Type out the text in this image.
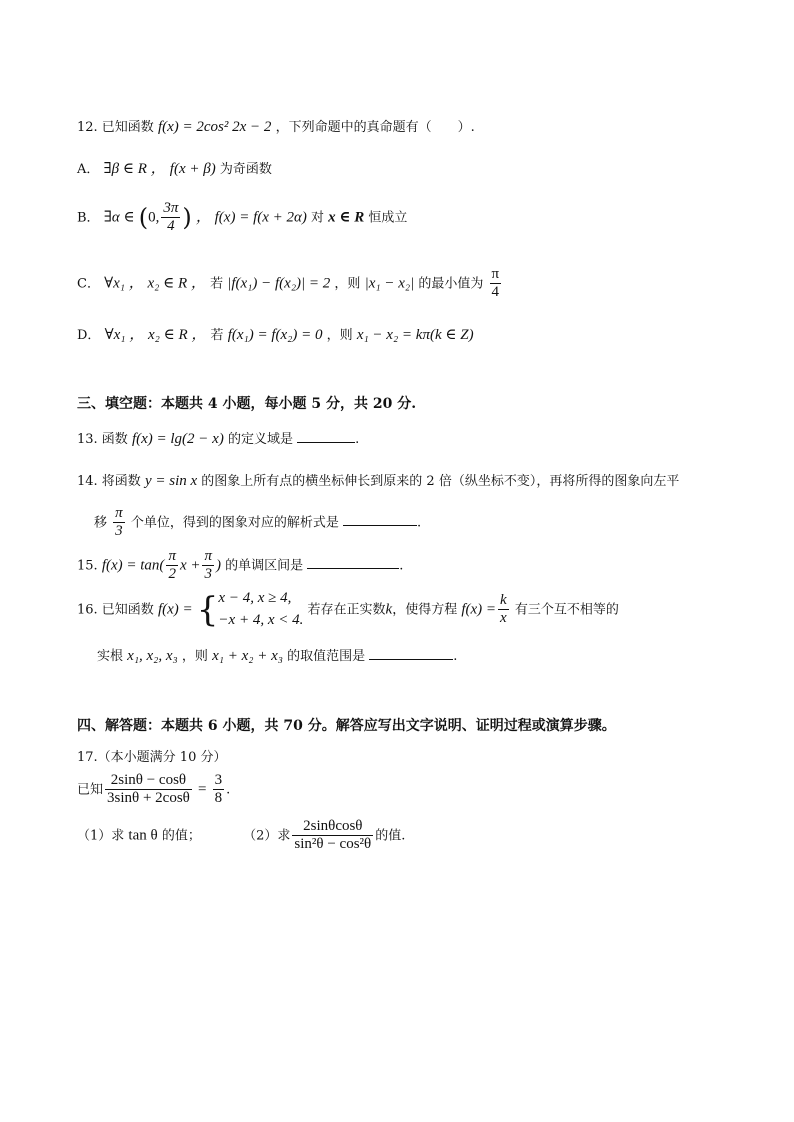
12. 已知函数 f(x) = 2cos² 2x − 2 ，下列命题中的真命题有（　　）.
A． ∃β ∈ R ， f(x + β) 为奇函数
B． ∃α ∈ (0, $\frac{3\pi}{4}$ ) ， f(x) = f(x + 2α) 对 x ∈ R 恒成立
C． ∀x₁ ， x₂ ∈ R ， 若 |f(x₁) − f(x₂)| = 2 ，则 |x₁ − x₂| 的最小值为 $\frac{\pi}{4}$
D． ∀x₁ ， x₂ ∈ R ， 若 f(x₁) = f(x₂) = 0 ，则 x₁ − x₂ = kπ(k ∈ Z)
三、填空题：本题共 4 小题，每小题 5 分，共 20 分.
13. 函数 f(x) = lg(2 − x) 的定义域是	.
14. 将函数 y = sin x 的图象上所有点的横坐标伸长到原来的 2 倍（纵坐标不变），再将所得的图象向左平
移 $\frac{\pi}{3}$ 个单位，得到的图象对应的解析式是	.
15. $f(x) = \tan( \frac{\pi}{2}$ $x + \frac{\pi}{3}$ ) 的单调区间是	.
16. 已知函数 f(x) = { x − 4, x ≥ 4,
−x + 4, x < 4.
若存在正实数k，使得方程 $f(x) = \frac{k}{x}$ 有三个互不相等的
实根 x₁, x₂, x₃ ，则 x₁ + x₂ + x₃ 的取值范围是	.
四、解答题：本题共 6 小题，共 70 分。解答应写出文字说明、证明过程或演算步骤。
17.（本小题满分 10 分）
已知 $\frac{2\sin\theta - \cos\theta}{3\sin\theta + 2\cos\theta} = \frac{3}{8}$ .
（1）求 tan θ 的值；	（2）求 $\frac{2\sin\theta\cos\theta}{\text{sin²θ − cos²θ}}$ 的值.
